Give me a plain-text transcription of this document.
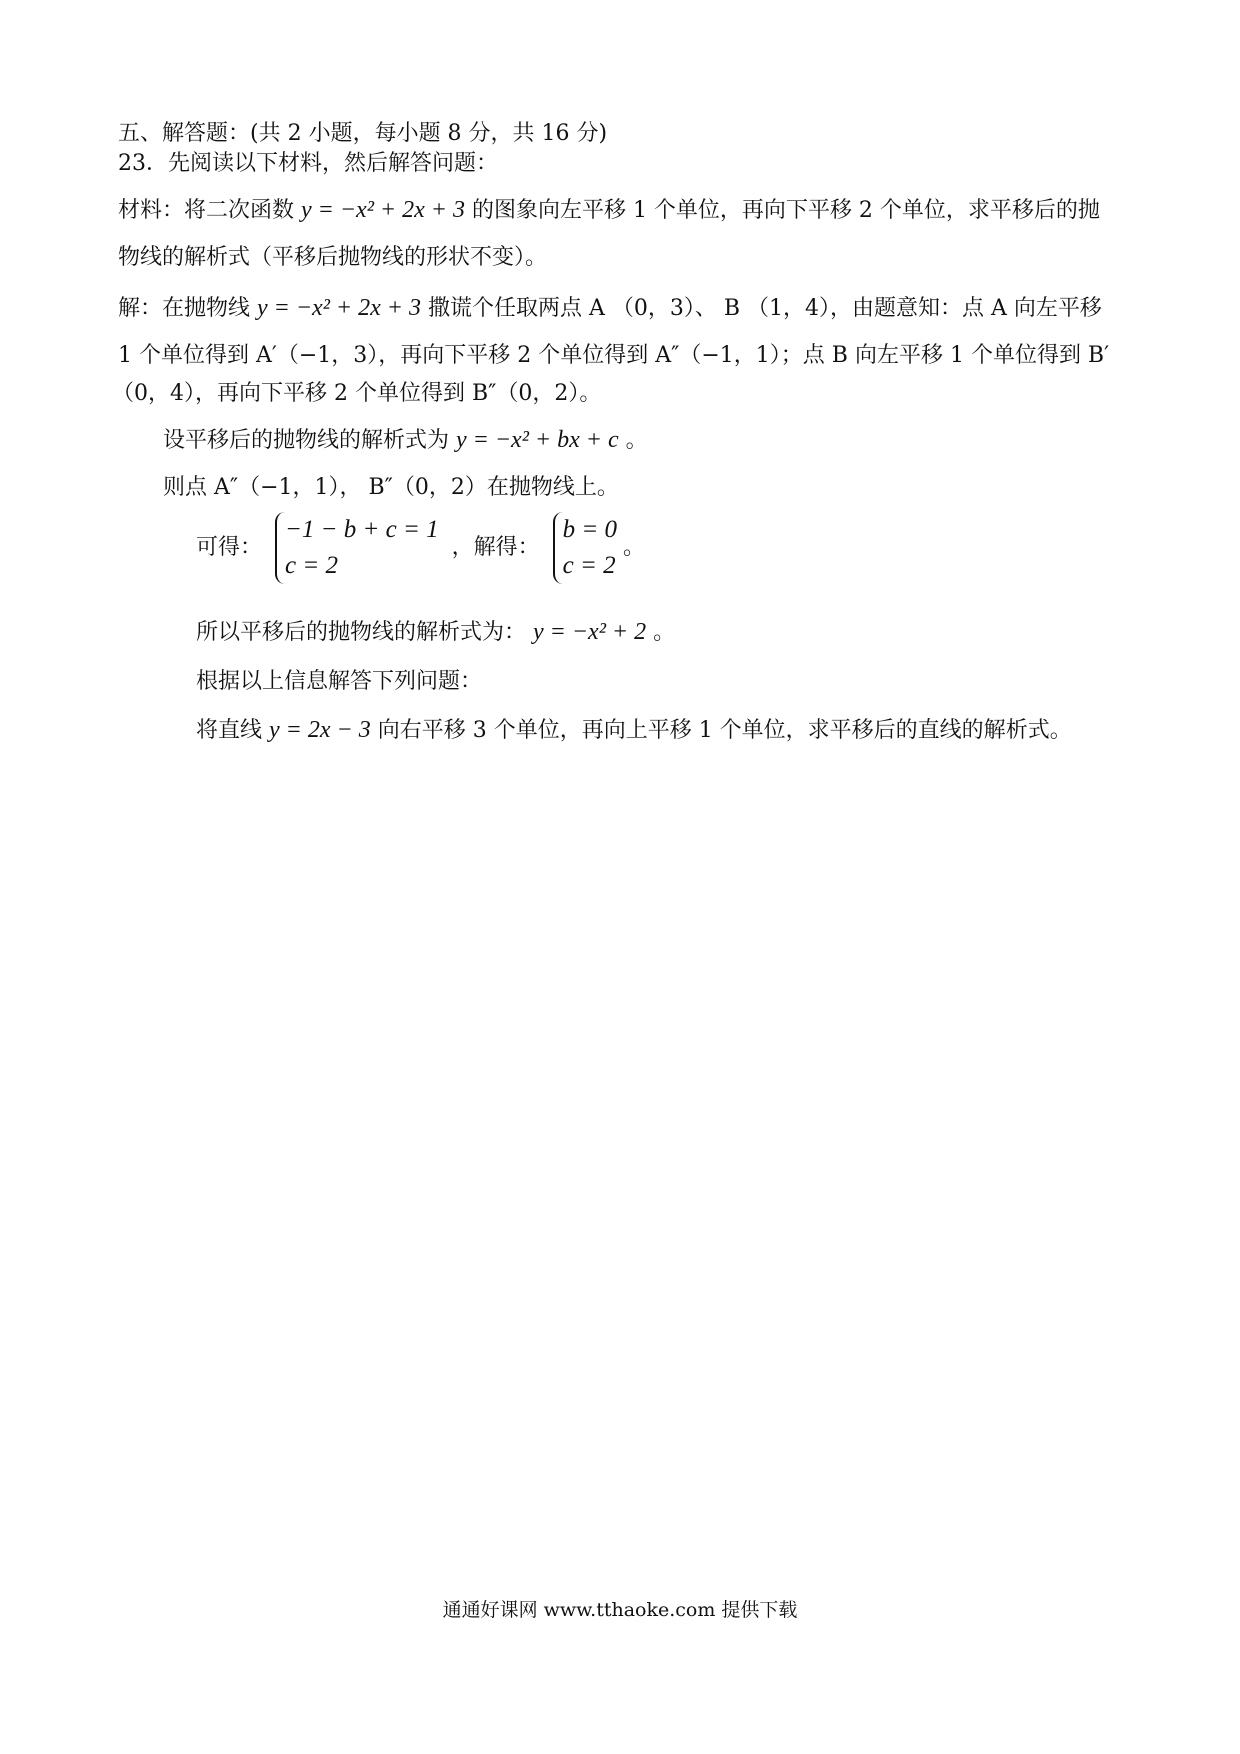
五、解答题：(共 2 小题，每小题 8 分，共 16 分)
23．先阅读以下材料，然后解答问题：
材料：将二次函数 y = −x² + 2x + 3 的图象向左平移 1 个单位，再向下平移 2 个单位，求平移后的抛
物线的解析式（平移后抛物线的形状不变）。
解：在抛物线 y = −x² + 2x + 3 撒谎个任取两点 A （0，3）、 B （1，4），由题意知：点 A 向左平移
1 个单位得到 A′（−1，3），再向下平移 2 个单位得到 A″（−1，1）；点 B 向左平移 1 个单位得到 B′
（0，4），再向下平移 2 个单位得到 B″（0，2）。
设平移后的抛物线的解析式为 y = −x² + bx + c 。
则点 A″（−1，1）， B″（0，2）在抛物线上。
可得：
−1 − b + c = 1
c = 2
，解得：
b = 0
c = 2
。
所以平移后的抛物线的解析式为： y = −x² + 2 。
根据以上信息解答下列问题：
将直线 y = 2x − 3 向右平移 3 个单位，再向上平移 1 个单位，求平移后的直线的解析式。
通通好课网 www.tthaoke.com 提供下载
